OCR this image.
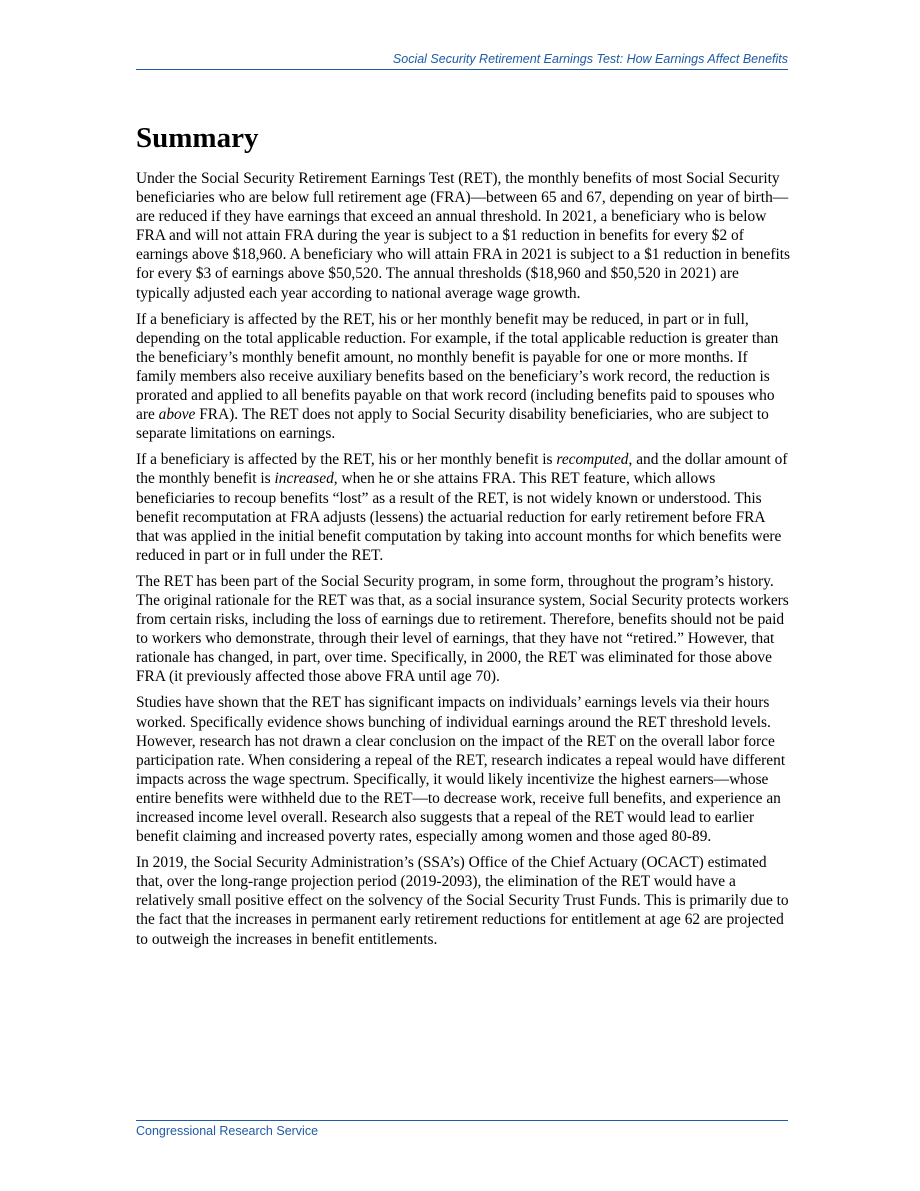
Social Security Retirement Earnings Test: How Earnings Affect Benefits
Summary

Under the Social Security Retirement Earnings Test (RET), the monthly benefits of most Social Security beneficiaries who are below full retirement age (FRA)—between 65 and 67, depending on year of birth—are reduced if they have earnings that exceed an annual threshold. In 2021, a beneficiary who is below FRA and will not attain FRA during the year is subject to a $1 reduction in benefits for every $2 of earnings above $18,960. A beneficiary who will attain FRA in 2021 is subject to a $1 reduction in benefits for every $3 of earnings above $50,520. The annual thresholds ($18,960 and $50,520 in 2021) are typically adjusted each year according to national average wage growth.

If a beneficiary is affected by the RET, his or her monthly benefit may be reduced, in part or in full, depending on the total applicable reduction. For example, if the total applicable reduction is greater than the beneficiary’s monthly benefit amount, no monthly benefit is payable for one or more months. If family members also receive auxiliary benefits based on the beneficiary’s work record, the reduction is prorated and applied to all benefits payable on that work record (including benefits paid to spouses who are above FRA). The RET does not apply to Social Security disability beneficiaries, who are subject to separate limitations on earnings.

If a beneficiary is affected by the RET, his or her monthly benefit is recomputed, and the dollar amount of the monthly benefit is increased, when he or she attains FRA. This RET feature, which allows beneficiaries to recoup benefits “lost” as a result of the RET, is not widely known or understood. This benefit recomputation at FRA adjusts (lessens) the actuarial reduction for early retirement before FRA that was applied in the initial benefit computation by taking into account months for which benefits were reduced in part or in full under the RET.

The RET has been part of the Social Security program, in some form, throughout the program’s history. The original rationale for the RET was that, as a social insurance system, Social Security protects workers from certain risks, including the loss of earnings due to retirement. Therefore, benefits should not be paid to workers who demonstrate, through their level of earnings, that they have not “retired.” However, that rationale has changed, in part, over time. Specifically, in 2000, the RET was eliminated for those above FRA (it previously affected those above FRA until age 70).

Studies have shown that the RET has significant impacts on individuals’ earnings levels via their hours worked. Specifically evidence shows bunching of individual earnings around the RET threshold levels. However, research has not drawn a clear conclusion on the impact of the RET on the overall labor force participation rate. When considering a repeal of the RET, research indicates a repeal would have different impacts across the wage spectrum. Specifically, it would likely incentivize the highest earners—whose entire benefits were withheld due to the RET—to decrease work, receive full benefits, and experience an increased income level overall. Research also suggests that a repeal of the RET would lead to earlier benefit claiming and increased poverty rates, especially among women and those aged 80-89.

In 2019, the Social Security Administration’s (SSA’s) Office of the Chief Actuary (OCACT) estimated that, over the long-range projection period (2019-2093), the elimination of the RET would have a relatively small positive effect on the solvency of the Social Security Trust Funds. This is primarily due to the fact that the increases in permanent early retirement reductions for entitlement at age 62 are projected to outweigh the increases in benefit entitlements.

Congressional Research Service
